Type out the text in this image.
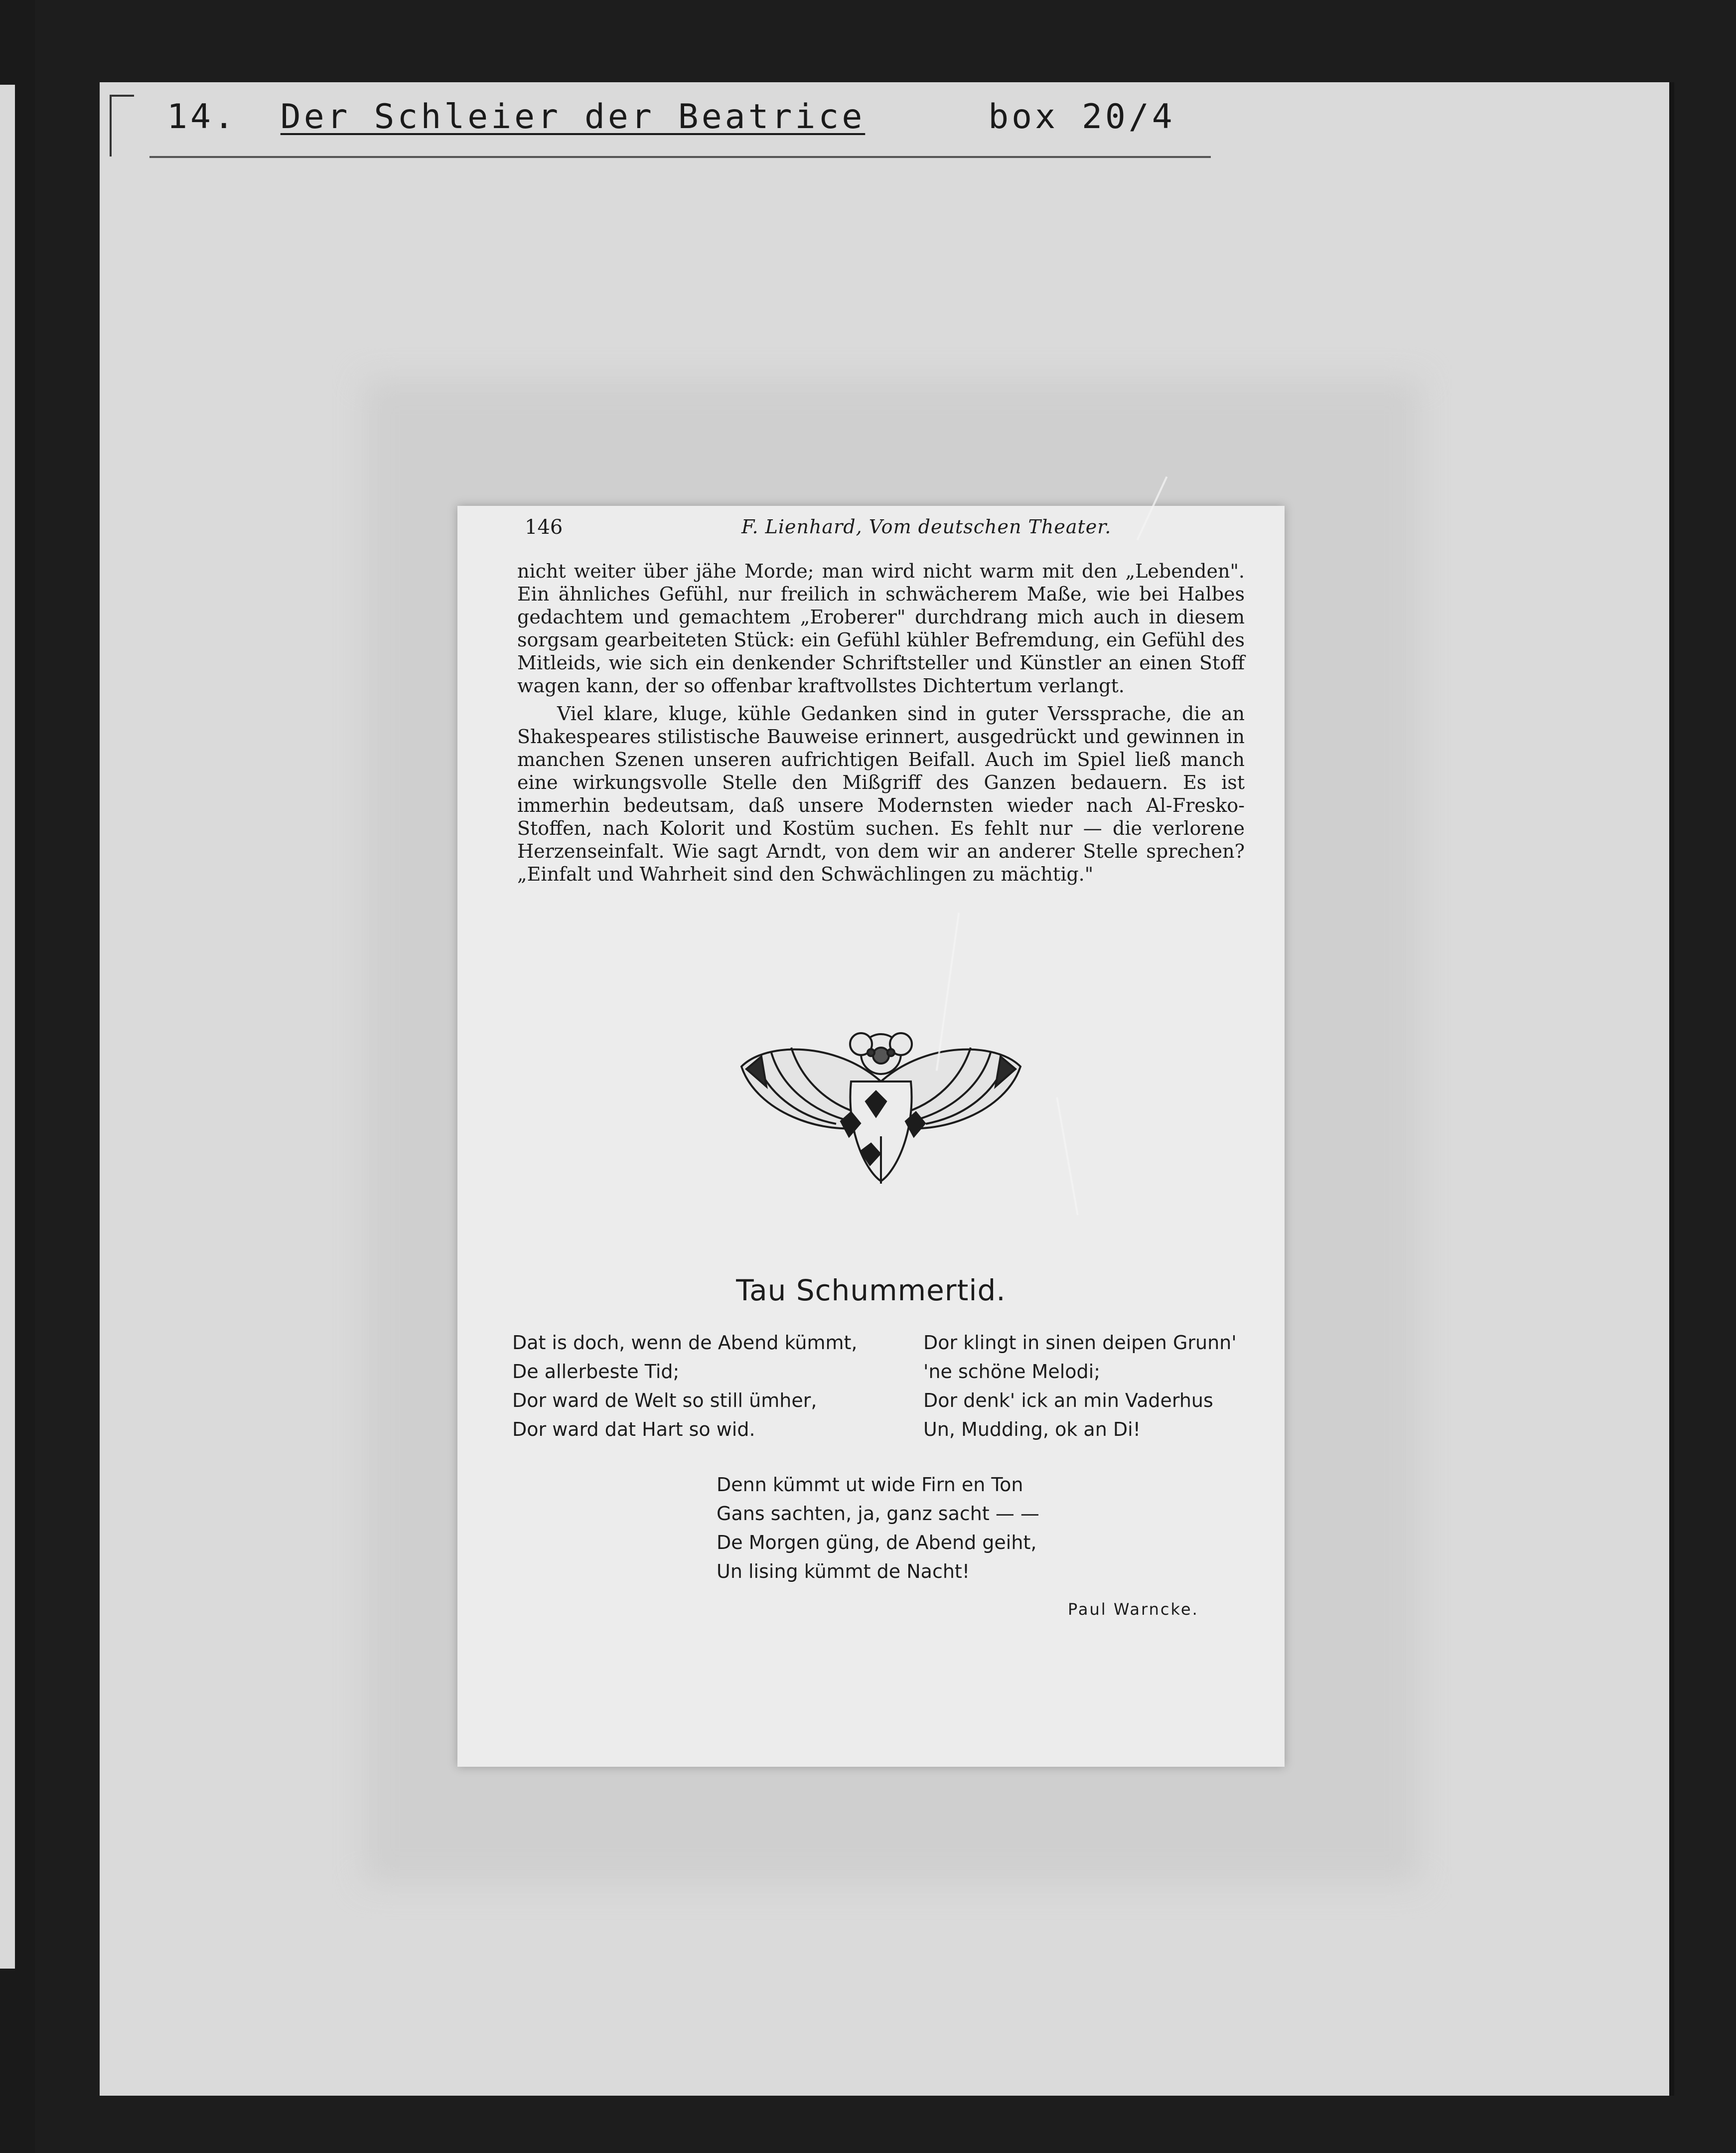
14. Der Schleier der Beatrice	box 20/4
146	F. Lienhard, Vom deutschen Theater.

nicht weiter über jähe Morde; man wird nicht warm mit den „Lebenden". Ein ähnliches Gefühl, nur freilich in schwächerem Maße, wie bei Halbes gedachtem und gemachtem „Eroberer" durchdrang mich auch in diesem sorgsam gearbeiteten Stück: ein Gefühl kühler Befremdung, ein Gefühl des Mitleids, wie sich ein denkender Schriftsteller und Künstler an einen Stoff wagen kann, der so offenbar kraftvollstes Dichtertum verlangt.

Viel klare, kluge, kühle Gedanken sind in guter Verssprache, die an Shakespeares stilistische Bauweise erinnert, ausgedrückt und gewinnen in manchen Szenen unseren aufrichtigen Beifall. Auch im Spiel ließ manch eine wirkungsvolle Stelle den Mißgriff des Ganzen bedauern. Es ist immerhin bedeutsam, daß unsere Modernsten wieder nach Al-Fresko-Stoffen, nach Kolorit und Kostüm suchen. Es fehlt nur — die verlorene Herzenseinfalt. Wie sagt Arndt, von dem wir an anderer Stelle sprechen? „Einfalt und Wahrheit sind den Schwächlingen zu mächtig."

Tau Schummertid.
Dat is doch, wenn de Abend kümmt,
De allerbeste Tid;
Dor ward de Welt so still ümher,
Dor ward dat Hart so wid.
Dor klingt in sinen deipen Grunn'
'ne schöne Melodi;
Dor denk' ick an min Vaderhus
Un, Mudding, ok an Di!
Denn kümmt ut wide Firn en Ton
Gans sachten, ja, ganz sacht — —
De Morgen güng, de Abend geiht,
Un lising kümmt de Nacht!
Paul Warncke.
